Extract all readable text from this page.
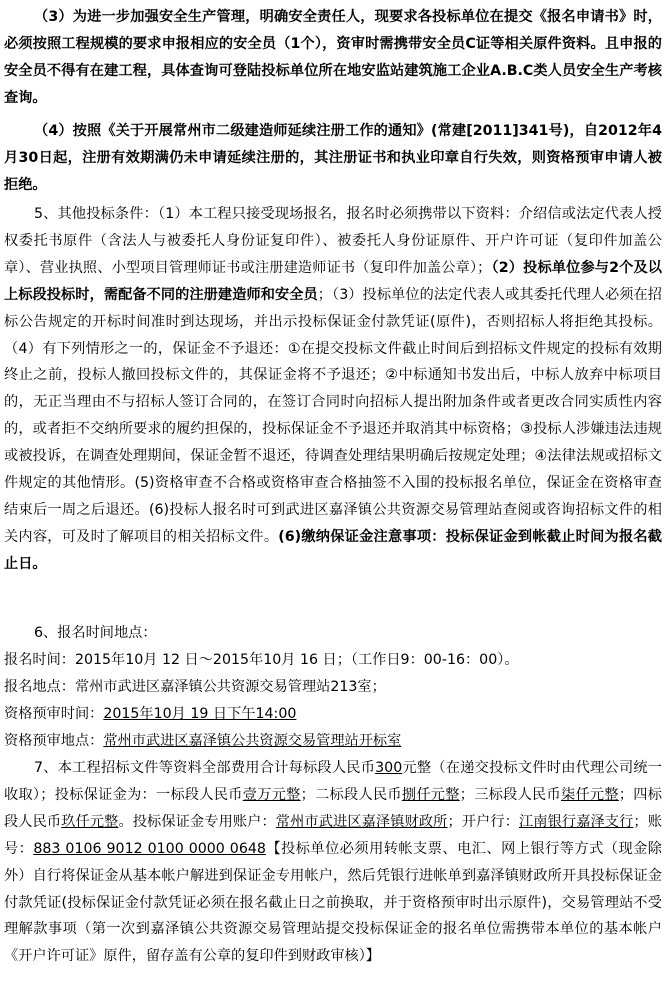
（3）为进一步加强安全生产管理，明确安全责任人，现要求各投标单位在提交《报名申请书》时，必须按照工程规模的要求申报相应的安全员（1个），资审时需携带安全员C证等相关原件资料。且申报的安全员不得有在建工程，具体查询可登陆投标单位所在地安监站建筑施工企业A.B.C类人员安全生产考核查询。

（4）按照《关于开展常州市二级建造师延续注册工作的通知》(常建[2011]341号)，自2012年4月30日起，注册有效期满仍未申请延续注册的，其注册证书和执业印章自行失效，则资格预审申请人被拒绝。

5、其他投标条件：（1）本工程只接受现场报名，报名时必须携带以下资料：介绍信或法定代表人授权委托书原件（含法人与被委托人身份证复印件）、被委托人身份证原件、开户许可证（复印件加盖公章）、营业执照、小型项目管理师证书或注册建造师证书（复印件加盖公章）；（2）投标单位参与2个及以上标段投标时，需配备不同的注册建造师和安全员；（3）投标单位的法定代表人或其委托代理人必须在招标公告规定的开标时间准时到达现场，并出示投标保证金付款凭证(原件)，否则招标人将拒绝其投标。（4）有下列情形之一的，保证金不予退还：①在提交投标文件截止时间后到招标文件规定的投标有效期终止之前，投标人撤回投标文件的，其保证金将不予退还；②中标通知书发出后，中标人放弃中标项目的，无正当理由不与招标人签订合同的，在签订合同时向招标人提出附加条件或者更改合同实质性内容的，或者拒不交纳所要求的履约担保的，投标保证金不予退还并取消其中标资格；③投标人涉嫌违法违规或被投诉，在调查处理期间，保证金暂不退还，待调查处理结果明确后按规定处理；④法律法规或招标文件规定的其他情形。(5)资格审查不合格或资格审查合格抽签不入围的投标报名单位，保证金在资格审查结束后一周之后退还。(6)投标人报名时可到武进区嘉泽镇公共资源交易管理站查阅或咨询招标文件的相关内容，可及时了解项目的相关招标文件。(6)缴纳保证金注意事项：投标保证金到帐截止时间为报名截止日。

6、报名时间地点：

报名时间：2015年10月 12 日～2015年10月 16 日；（工作日9：00-16：00）。

报名地点：常州市武进区嘉泽镇公共资源交易管理站213室；

资格预审时间：2015年10月 19 日下午14:00

资格预审地点：常州市武进区嘉泽镇公共资源交易管理站开标室

7、本工程招标文件等资料全部费用合计每标段人民币300元整（在递交投标文件时由代理公司统一收取）；投标保证金为：一标段人民币壹万元整；二标段人民币捌仟元整；三标段人民币柒仟元整；四标段人民币玖仟元整。投标保证金专用账户：常州市武进区嘉泽镇财政所；开户行：江南银行嘉泽支行；账号：883 0106 9012 0100 0000 0648【投标单位必须用转帐支票、电汇、网上银行等方式（现金除外）自行将保证金从基本帐户解进到保证金专用帐户，然后凭银行进帐单到嘉泽镇财政所开具投标保证金付款凭证(投标保证金付款凭证必须在报名截止日之前换取，并于资格预审时出示原件)，交易管理站不受理解款事项（第一次到嘉泽镇公共资源交易管理站提交投标保证金的报名单位需携带本单位的基本帐户《开户许可证》原件，留存盖有公章的复印件到财政审核）】
